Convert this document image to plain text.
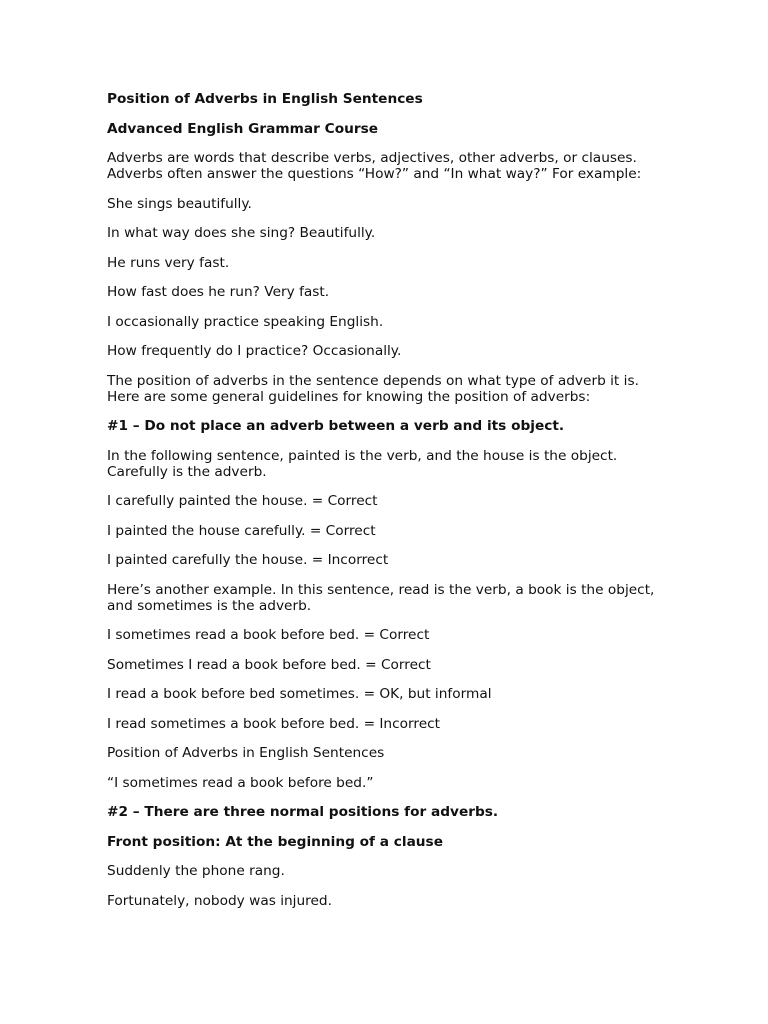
Position of Adverbs in English Sentences

Advanced English Grammar Course

Adverbs are words that describe verbs, adjectives, other adverbs, or clauses.
Adverbs often answer the questions “How?” and “In what way?” For example:

She sings beautifully.

In what way does she sing? Beautifully.

He runs very fast.

How fast does he run? Very fast.

I occasionally practice speaking English.

How frequently do I practice? Occasionally.

The position of adverbs in the sentence depends on what type of adverb it is.
Here are some general guidelines for knowing the position of adverbs:

#1 – Do not place an adverb between a verb and its object.

In the following sentence, painted is the verb, and the house is the object.
Carefully is the adverb.

I carefully painted the house. = Correct

I painted the house carefully. = Correct

I painted carefully the house. = Incorrect

Here’s another example. In this sentence, read is the verb, a book is the object,
and sometimes is the adverb.

I sometimes read a book before bed. = Correct

Sometimes I read a book before bed. = Correct

I read a book before bed sometimes. = OK, but informal

I read sometimes a book before bed. = Incorrect

Position of Adverbs in English Sentences

“I sometimes read a book before bed.”

#2 – There are three normal positions for adverbs.

Front position: At the beginning of a clause

Suddenly the phone rang.

Fortunately, nobody was injured.
